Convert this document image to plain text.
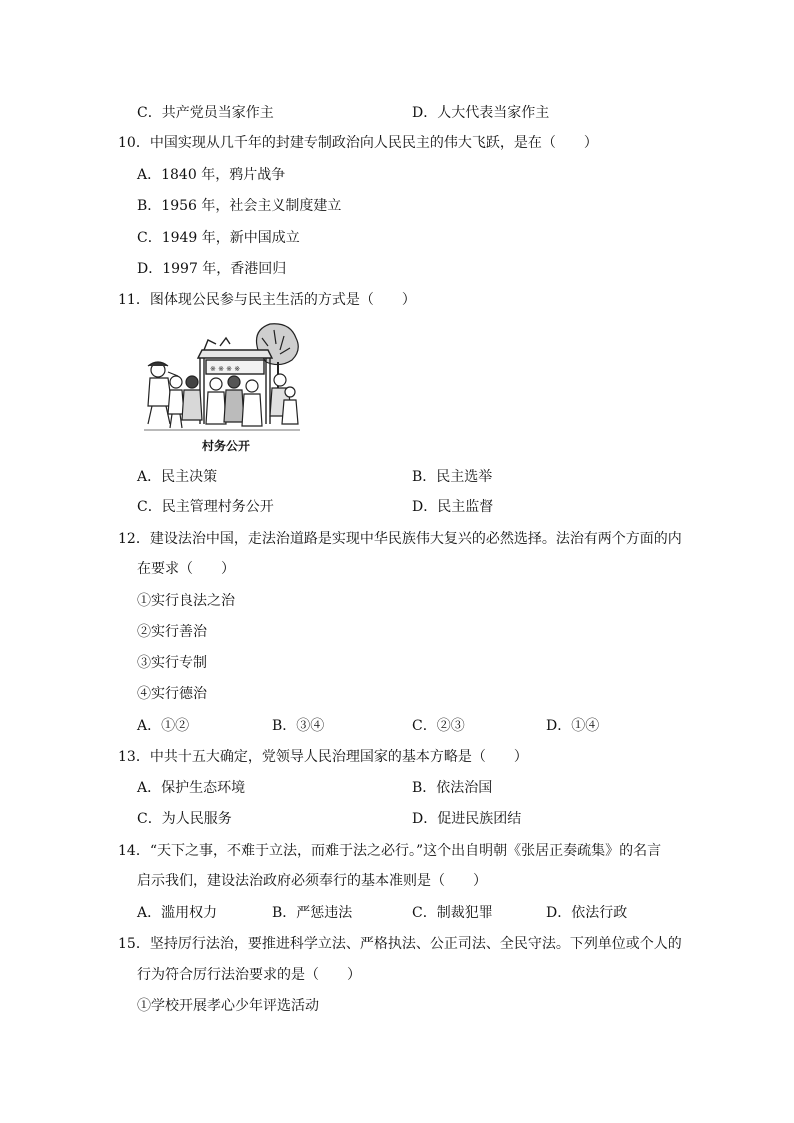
C．共产党员当家作主	D．人大代表当家作主
10．中国实现从几千年的封建专制政治向人民民主的伟大飞跃，是在（　　）
A．1840 年，鸦片战争
B．1956 年，社会主义制度建立
C．1949 年，新中国成立
D．1997 年，香港回归
11．图体现公民参与民主生活的方式是（　　）
※ ※ ※ ※
村务公开
A．民主决策	B．民主选举
C．民主管理村务公开	D．民主监督
12．建设法治中国，走法治道路是实现中华民族伟大复兴的必然选择。法治有两个方面的内
在要求（　　）
①实行良法之治
②实行善治
③实行专制
④实行德治
A．①②	B．③④	C．②③	D．①④
13．中共十五大确定，党领导人民治理国家的基本方略是（　　）
A．保护生态环境	B．依法治国
C．为人民服务	D．促进民族团结
14．“天下之事，不难于立法，而难于法之必行。”这个出自明朝《张居正奏疏集》的名言
启示我们，建设法治政府必须奉行的基本准则是（　　）
A．滥用权力	B．严惩违法	C．制裁犯罪	D．依法行政
15．坚持厉行法治，要推进科学立法、严格执法、公正司法、全民守法。下列单位或个人的
行为符合厉行法治要求的是（　　）
①学校开展孝心少年评选活动
